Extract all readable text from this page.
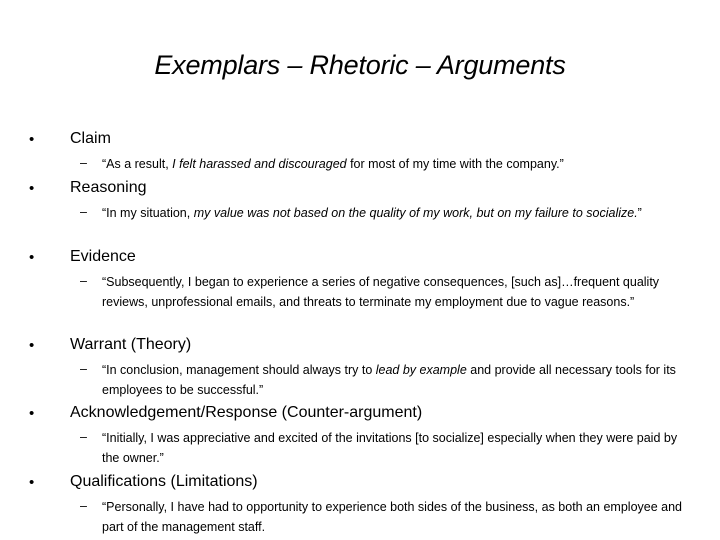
Exemplars – Rhetoric – Arguments
• Claim
– “As a result, I felt harassed and discouraged for most of my time with the company.”
• Reasoning
– “In my situation, my value was not based on the quality of my work, but on my failure to socialize.”
• Evidence
– “Subsequently, I began to experience a series of negative consequences, [such as]…frequent quality reviews, unprofessional emails, and threats to terminate my employment due to vague reasons.”
• Warrant (Theory)
– “In conclusion, management should always try to lead by example and provide all necessary tools for its employees to be successful.”
• Acknowledgement/Response (Counter-argument)
– “Initially, I was appreciative and excited of the invitations [to socialize] especially when they were paid by the owner.”
• Qualifications (Limitations)
– “Personally, I have had to opportunity to experience both sides of the business, as both an employee and part of the management staff.
